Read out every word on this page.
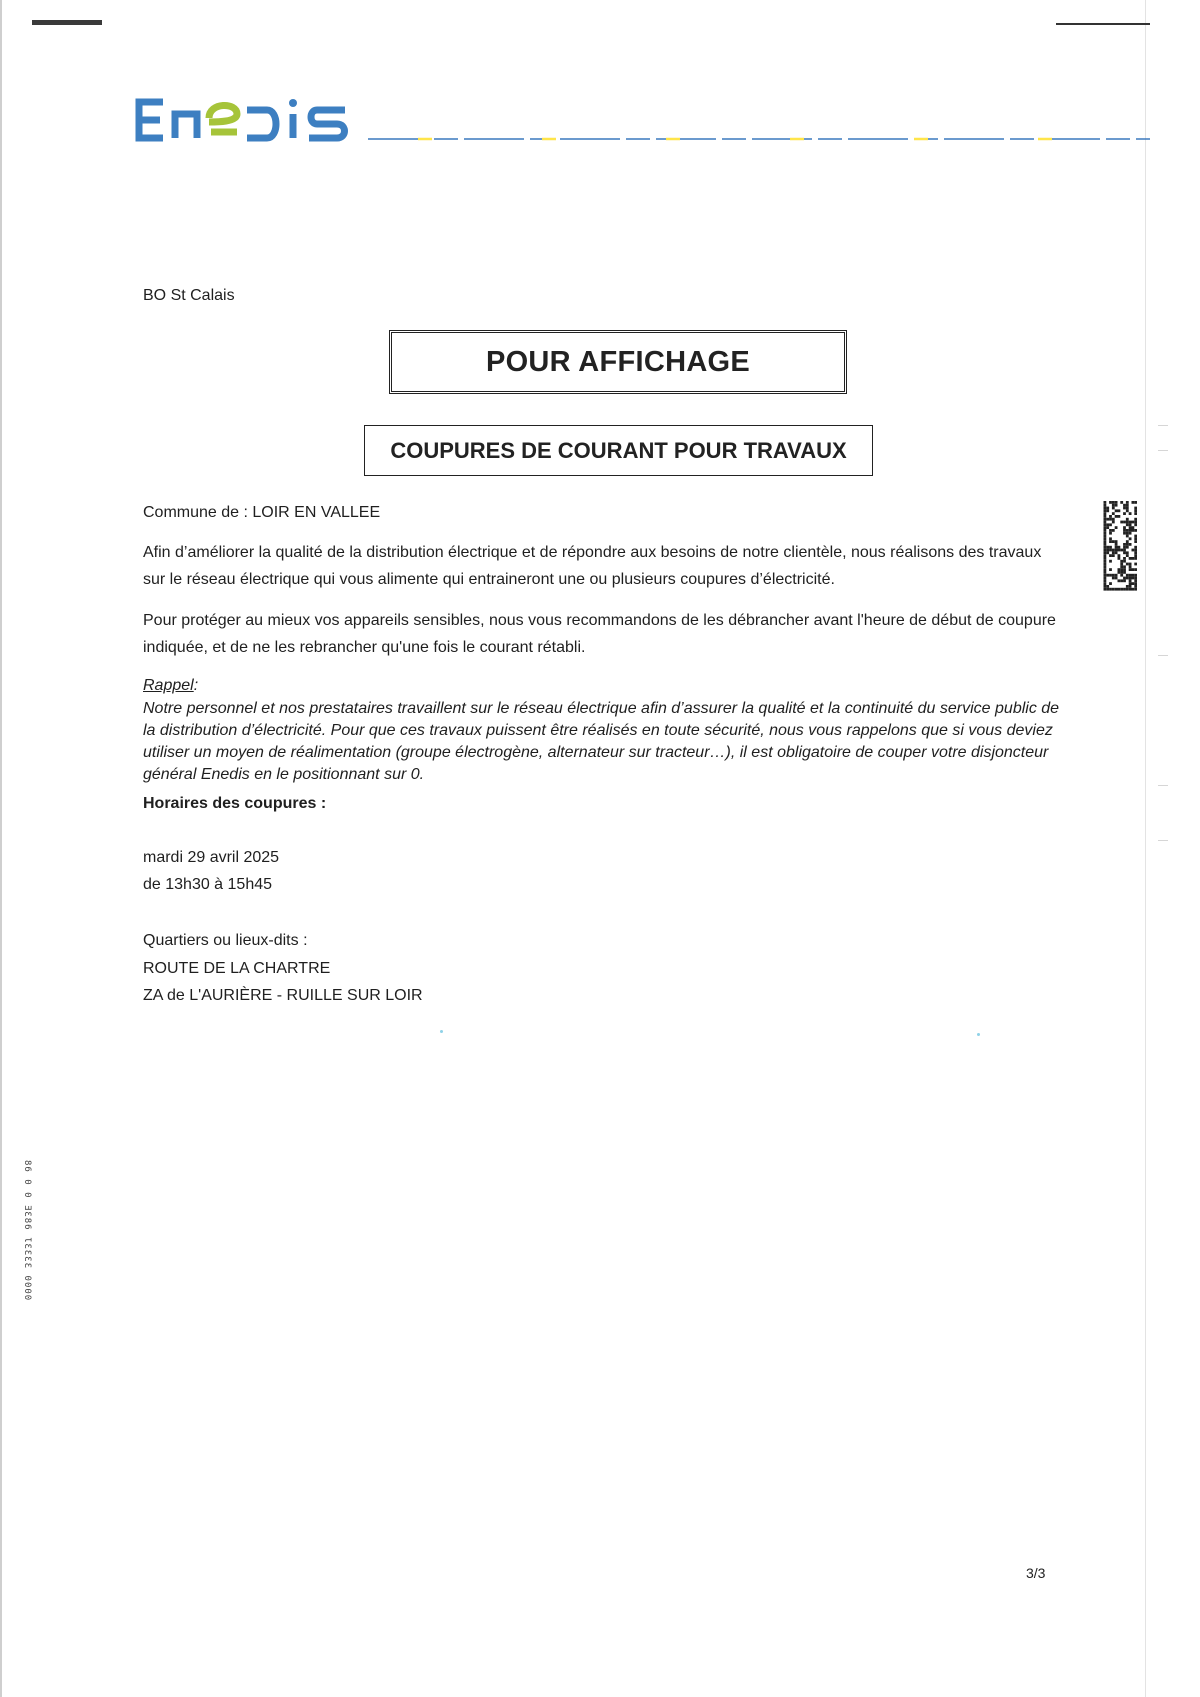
BO St Calais
POUR AFFICHAGE
COUPURES DE COURANT POUR TRAVAUX
Commune de : LOIR EN VALLEE
Afin d’améliorer la qualité de la distribution électrique et de répondre aux besoins de notre clientèle, nous réalisons des travaux sur le réseau électrique qui vous alimente qui entraineront une ou plusieurs coupures d’électricité.
Pour protéger au mieux vos appareils sensibles, nous vous recommandons de les débrancher avant l'heure de début de coupure indiquée, et de ne les rebrancher qu'une fois le courant rétabli.
Rappel:
Notre personnel et nos prestataires travaillent sur le réseau électrique afin d’assurer la qualité et la continuité du service public de la distribution d’électricité. Pour que ces travaux puissent être réalisés en toute sécurité, nous vous rappelons que si vous deviez utiliser un moyen de réalimentation (groupe électrogène, alternateur sur tracteur…), il est obligatoire de couper votre disjoncteur général Enedis en le positionnant sur 0.
Horaires des coupures :
mardi 29 avril 2025
de 13h30 à 15h45
Quartiers ou lieux-dits :
ROUTE DE LA CHARTRE
ZA de L'AURIÈRE - RUILLE SUR LOIR
86 0 0 ƎƐ86 ƖƐƐƐƐ 0000
3/3
